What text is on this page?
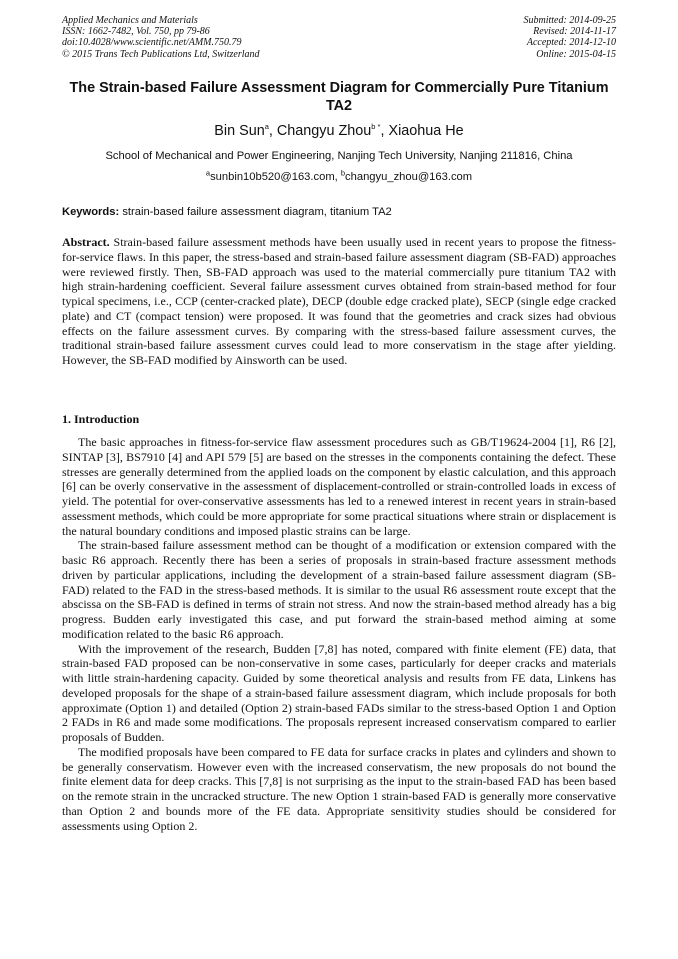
Applied Mechanics and Materials
ISSN: 1662-7482, Vol. 750, pp 79-86
doi:10.4028/www.scientific.net/AMM.750.79
© 2015 Trans Tech Publications Ltd, Switzerland
Submitted: 2014-09-25
Revised: 2014-11-17
Accepted: 2014-12-10
Online: 2015-04-15
The Strain-based Failure Assessment Diagram for Commercially Pure Titanium TA2
Bin Sun$^a$, Changyu Zhou$^{b *}$, Xiaohua He
School of Mechanical and Power Engineering, Nanjing Tech University, Nanjing 211816, China
$^a$sunbin10b520@163.com, $^b$changyu_zhou@163.com
Keywords: strain-based failure assessment diagram, titanium TA2
Abstract. Strain-based failure assessment methods have been usually used in recent years to propose the fitness-for-service flaws. In this paper, the stress-based and strain-based failure assessment diagram (SB-FAD) approaches were reviewed firstly. Then, SB-FAD approach was used to the material commercially pure titanium TA2 with high strain-hardening coefficient. Several failure assessment curves obtained from strain-based method for four typical specimens, i.e., CCP (center-cracked plate), DECP (double edge cracked plate), SECP (single edge cracked plate) and CT (compact tension) were proposed. It was found that the geometries and crack sizes had obvious effects on the failure assessment curves. By comparing with the stress-based failure assessment curves, the traditional strain-based failure assessment curves could lead to more conservatism in the stage after yielding. However, the SB-FAD modified by Ainsworth can be used.
1. Introduction

The basic approaches in fitness-for-service flaw assessment procedures such as GB/T19624-2004 [1], R6 [2], SINTAP [3], BS7910 [4] and API 579 [5] are based on the stresses in the components containing the defect. These stresses are generally determined from the applied loads on the component by elastic calculation, and this approach [6] can be overly conservative in the assessment of displacement-controlled or strain-controlled loads in excess of yield. The potential for over-conservative assessments has led to a renewed interest in recent years in strain-based assessment methods, which could be more appropriate for some practical situations where strain or displacement is the natural boundary conditions and imposed plastic strains can be large.

The strain-based failure assessment method can be thought of a modification or extension compared with the basic R6 approach. Recently there has been a series of proposals in strain-based fracture assessment methods driven by particular applications, including the development of a strain-based failure assessment diagram (SB-FAD) related to the FAD in the stress-based methods. It is similar to the usual R6 assessment route except that the abscissa on the SB-FAD is defined in terms of strain not stress. And now the strain-based method already has a big progress. Budden early investigated this case, and put forward the strain-based method aiming at some modification related to the basic R6 approach.

With the improvement of the research, Budden [7,8] has noted, compared with finite element (FE) data, that strain-based FAD proposed can be non-conservative in some cases, particularly for deeper cracks and materials with little strain-hardening capacity. Guided by some theoretical analysis and results from FE data, Linkens has developed proposals for the shape of a strain-based failure assessment diagram, which include proposals for both approximate (Option 1) and detailed (Option 2) strain-based FADs similar to the stress-based Option 1 and Option 2 FADs in R6 and made some modifications. The proposals represent increased conservatism compared to earlier proposals of Budden.

The modified proposals have been compared to FE data for surface cracks in plates and cylinders and shown to be generally conservatism. However even with the increased conservatism, the new proposals do not bound the finite element data for deep cracks. This [7,8] is not surprising as the input to the strain-based FAD has been based on the remote strain in the uncracked structure. The new Option 1 strain-based FAD is generally more conservative than Option 2 and bounds more of the FE data. Appropriate sensitivity studies should be considered for assessments using Option 2.
